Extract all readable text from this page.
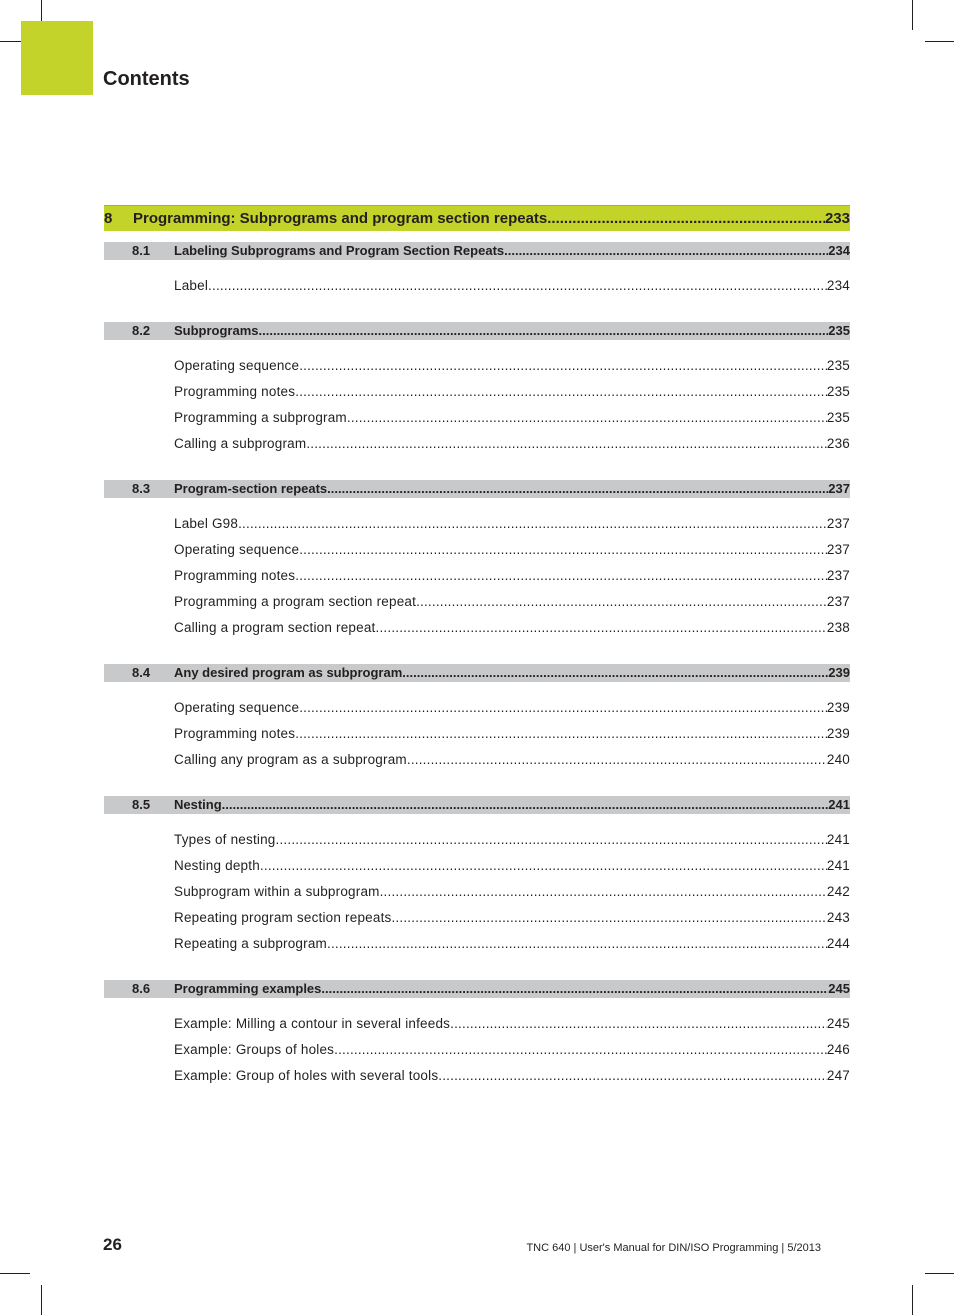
Contents
8	Programming: Subprograms and program section repeats .....	233
8.1	Labeling Subprograms and Program Section Repeats .....	234
Label .....	234
8.2	Subprograms .....	235
Operating sequence .....	235
Programming notes .....	235
Programming a subprogram .....	235
Calling a subprogram .....	236
8.3	Program-section repeats .....	237
Label G98 .....	237
Operating sequence .....	237
Programming notes .....	237
Programming a program section repeat .....	237
Calling a program section repeat .....	238
8.4	Any desired program as subprogram .....	239
Operating sequence .....	239
Programming notes .....	239
Calling any program as a subprogram .....	240
8.5	Nesting .....	241
Types of nesting .....	241
Nesting depth .....	241
Subprogram within a subprogram .....	242
Repeating program section repeats .....	243
Repeating a subprogram .....	244
8.6	Programming examples .....	245
Example: Milling a contour in several infeeds .....	245
Example: Groups of holes .....	246
Example: Group of holes with several tools .....	247

26	TNC 640 | User's Manual for DIN/ISO Programming | 5/2013
